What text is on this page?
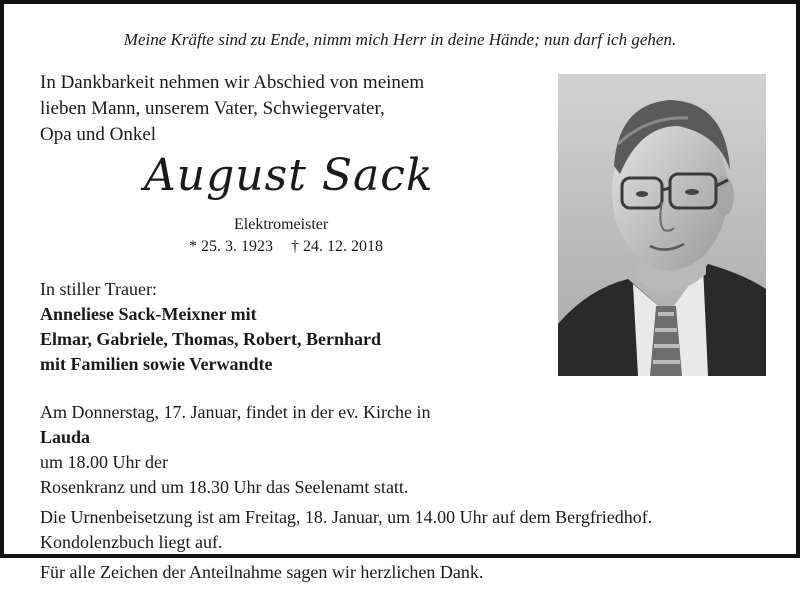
Meine Kräfte sind zu Ende, nimm mich Herr in deine Hände; nun darf ich gehen.
In Dankbarkeit nehmen wir Abschied von meinem
lieben Mann, unserem Vater, Schwiegervater,
Opa und Onkel
August Sack
Elektromeister
* 25. 3. 1923 † 24. 12. 2018
In stiller Trauer:
Anneliese Sack-Meixner mit
Elmar, Gabriele, Thomas, Robert, Bernhard
mit Familien sowie Verwandte

Am Donnerstag, 17. Januar, findet in der ev. Kirche in
Lauda
um 18.00 Uhr der
Rosenkranz und um 18.30 Uhr das Seelenamt statt.

Die Urnenbeisetzung ist am Freitag, 18. Januar, um 14.00 Uhr auf dem Bergfriedhof.
Kondolenzbuch liegt auf.

Für alle Zeichen der Anteilnahme sagen wir herzlichen Dank.
